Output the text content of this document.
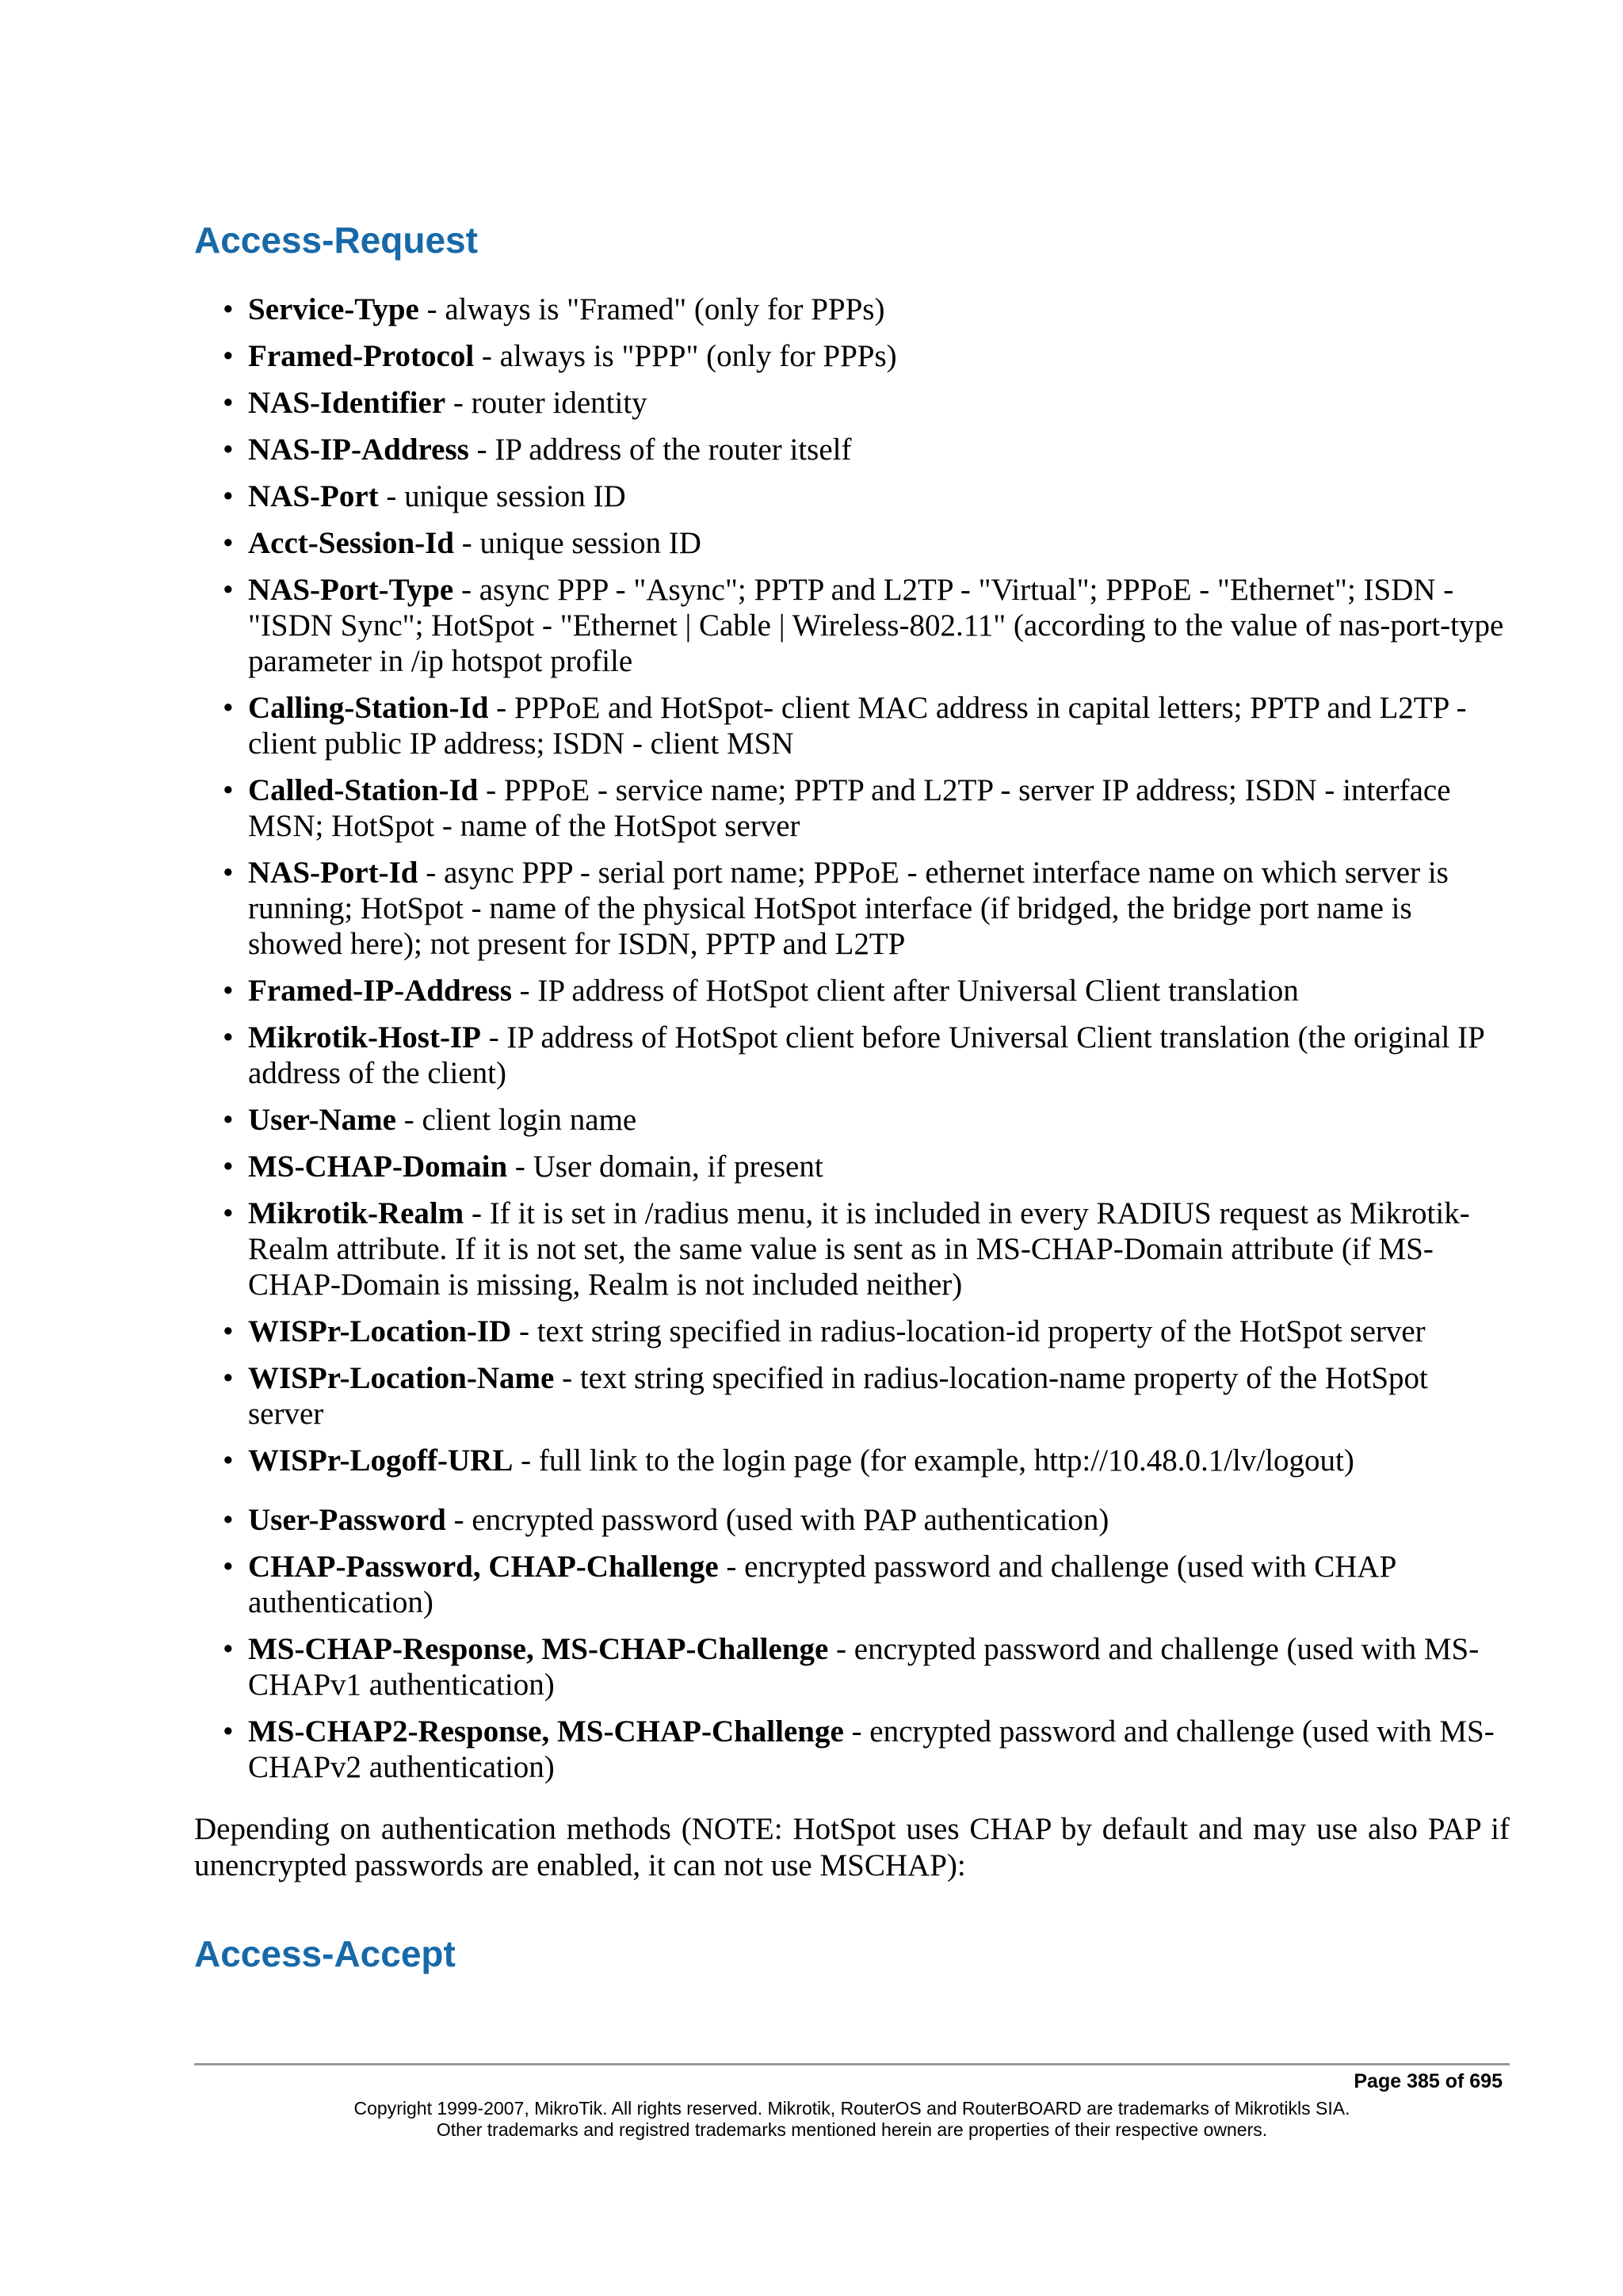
Access-Request
• Service-Type - always is "Framed" (only for PPPs)
• Framed-Protocol - always is "PPP" (only for PPPs)
• NAS-Identifier - router identity
• NAS-IP-Address - IP address of the router itself
• NAS-Port - unique session ID
• Acct-Session-Id - unique session ID
• NAS-Port-Type - async PPP - "Async"; PPTP and L2TP - "Virtual"; PPPoE - "Ethernet"; ISDN - "ISDN Sync"; HotSpot - "Ethernet | Cable | Wireless-802.11" (according to the value of nas-port-type parameter in /ip hotspot profile
• Calling-Station-Id - PPPoE and HotSpot- client MAC address in capital letters; PPTP and L2TP - client public IP address; ISDN - client MSN
• Called-Station-Id - PPPoE - service name; PPTP and L2TP - server IP address; ISDN - interface MSN; HotSpot - name of the HotSpot server
• NAS-Port-Id - async PPP - serial port name; PPPoE - ethernet interface name on which server is running; HotSpot - name of the physical HotSpot interface (if bridged, the bridge port name is showed here); not present for ISDN, PPTP and L2TP
• Framed-IP-Address - IP address of HotSpot client after Universal Client translation
• Mikrotik-Host-IP - IP address of HotSpot client before Universal Client translation (the original IP address of the client)
• User-Name - client login name
• MS-CHAP-Domain - User domain, if present
• Mikrotik-Realm - If it is set in /radius menu, it is included in every RADIUS request as Mikrotik-Realm attribute. If it is not set, the same value is sent as in MS-CHAP-Domain attribute (if MS-CHAP-Domain is missing, Realm is not included neither)
• WISPr-Location-ID - text string specified in radius-location-id property of the HotSpot server
• WISPr-Location-Name - text string specified in radius-location-name property of the HotSpot server
• WISPr-Logoff-URL - full link to the login page (for example, http://10.48.0.1/lv/logout)
• User-Password - encrypted password (used with PAP authentication)
• CHAP-Password, CHAP-Challenge - encrypted password and challenge (used with CHAP authentication)
• MS-CHAP-Response, MS-CHAP-Challenge - encrypted password and challenge (used with MS-CHAPv1 authentication)
• MS-CHAP2-Response, MS-CHAP-Challenge - encrypted password and challenge (used with MS-CHAPv2 authentication)

Depending on authentication methods (NOTE: HotSpot uses CHAP by default and may use also PAP if unencrypted passwords are enabled, it can not use MSCHAP):

Access-Accept
Page 385 of 695
Copyright 1999-2007, MikroTik. All rights reserved. Mikrotik, RouterOS and RouterBOARD are trademarks of Mikrotikls SIA.
Other trademarks and registred trademarks mentioned herein are properties of their respective owners.
